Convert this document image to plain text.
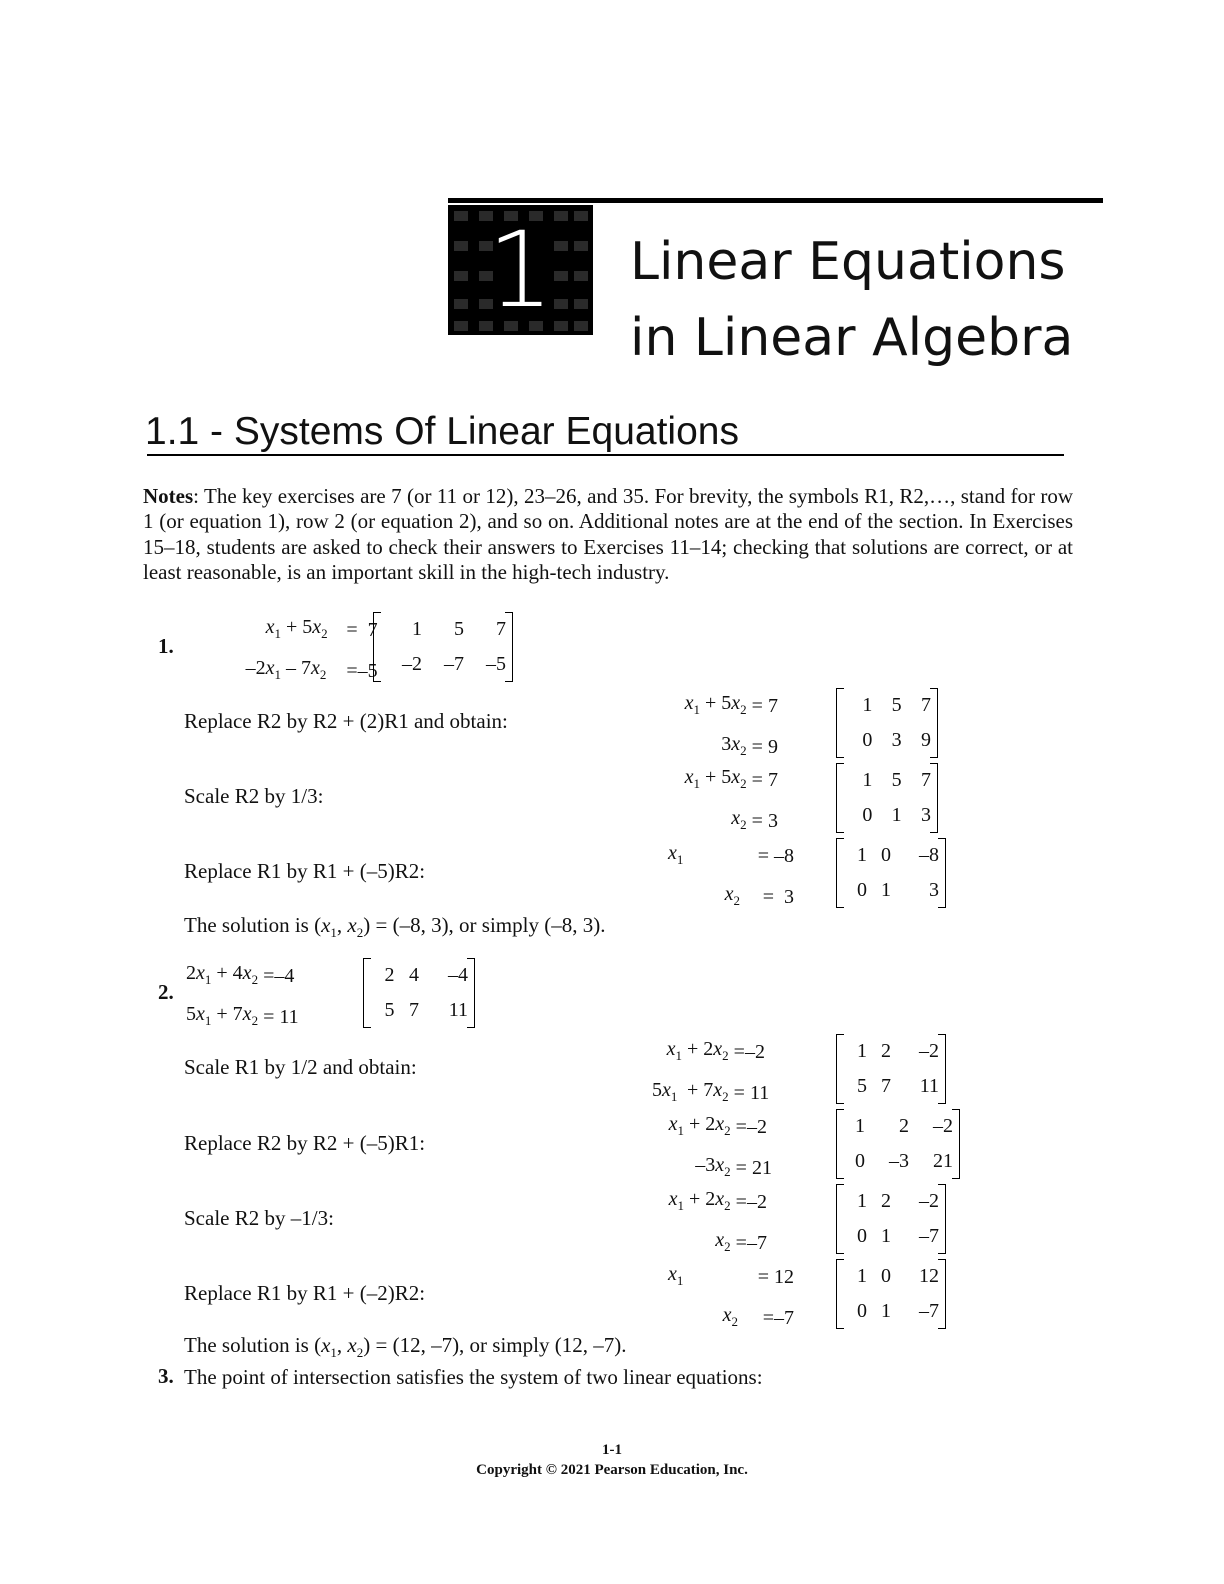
1	Linear Equations
in Linear Algebra
1.1 - Systems Of Linear Equations
Notes: The key exercises are 7 (or 11 or 12), 23–26, and 35. For brevity, the symbols R1, R2,…, stand for row 1 (or equation 1), row 2 (or equation 2), and so on. Additional notes are at the end of the section. In Exercises 15–18, students are asked to check their answers to Exercises 11–14; checking that solutions are correct, or at least reasonable, is an important skill in the high-tech industry.
1.
$x_1$	+ $5x_2$	=  7
$-2x_1$	– $7x_2$	=–5
1	5	7
–2	–7	–5
Replace R2 by R2 + (2)R1 and obtain:
$x_1$	+ $5x_2$	= 7
	$3x_2$	= 9
1	5	7
0	3	9
Scale R2 by 1/3:
$x_1$	+ $5x_2$	= 7
	$x_2$	= 3
1	5	7
0	1	3
Replace R1 by R1 + (–5)R2:
$x_1$	= –8
$x_2$	=  3
1	0	–8
0	1	3
The solution is ($x_1$, $x_2) = (-8$, 3), or simply (–8, 3).
2.
$2x_1$	+ $4x_2$	=–4
$5x_1$	+ $7x_2$	= 11
2	4	–4
5	7	11
Scale R1 by 1/2 and obtain:
$x_1$	+ $2x_2$	=–2
$5x_1$	+ $7x_2$	= 11
1	2	–2
5	7	11
Replace R2 by R2 + (–5)R1:
$x_1$	+ $2x_2$	=–2
	$-3x_2$	= 21
1	2	–2
0	–3	21
Scale R2 by –1/3:
$x_1$	+ $2x_2$	=–2
	$x_2$	=–7
1	2	–2
0	1	–7
Replace R1 by R1 + (–2)R2:
$x_1$	= 12
$x_2$	=–7
1	0	12
0	1	–7
The solution is ($x_1$, $x_2) = (12$, –7), or simply (12, –7).
3. The point of intersection satisfies the system of two linear equations:
1-1
Copyright © 2021 Pearson Education, Inc.
